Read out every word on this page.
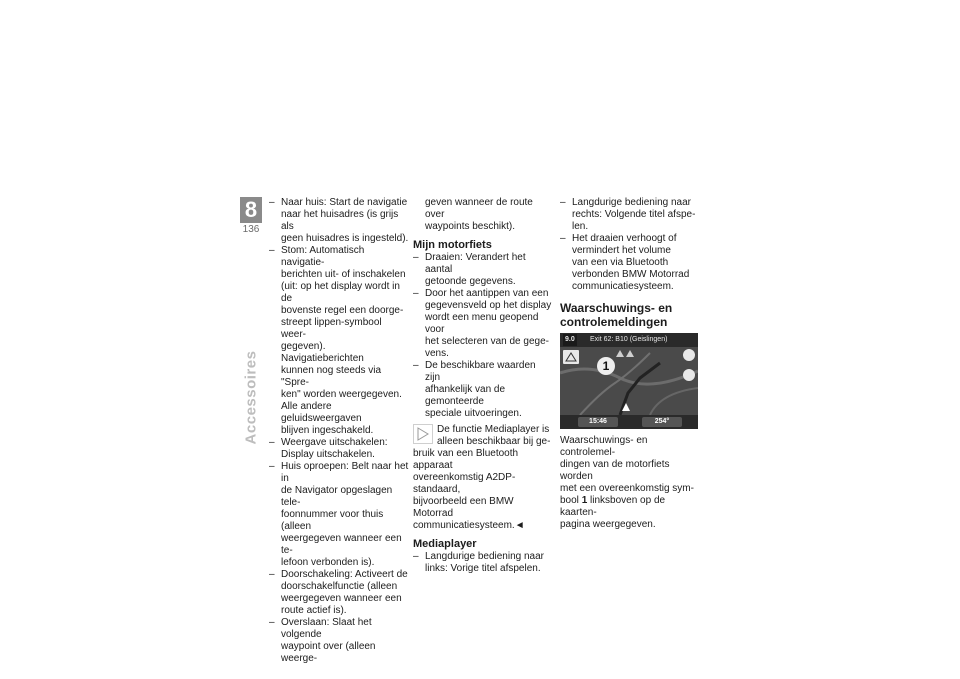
8
136
Accessoires
– Naar huis: Start de navigatie
naar het huisadres (is grijs als
geen huisadres is ingesteld).
– Stom: Automatisch navigatie-
berichten uit- of inschakelen
(uit: op het display wordt in de
bovenste regel een doorge-
streept lippen-symbool weer-
gegeven). Navigatieberichten
kunnen nog steeds via "Spre-
ken" worden weergegeven.
Alle andere geluidsweergaven
blijven ingeschakeld.
– Weergave uitschakelen:
Display uitschakelen.
– Huis oproepen: Belt naar het in
de Navigator opgeslagen tele-
foonnummer voor thuis (alleen
weergegeven wanneer een te-
lefoon verbonden is).
– Doorschakeling: Activeert de
doorschakelfunctie (alleen
weergegeven wanneer een
route actief is).
– Overslaan: Slaat het volgende
waypoint over (alleen weerge-
geven wanneer de route over
waypoints beschikt).
Mijn motorfiets
– Draaien: Verandert het aantal
getoonde gegevens.
– Door het aantippen van een
gegevensveld op het display
wordt een menu geopend voor
het selecteren van de gege-
vens.
– De beschikbare waarden zijn
afhankelijk van de gemonteerde
speciale uitvoeringen.
De functie Mediaplayer is
alleen beschikbaar bij ge-
bruik van een Bluetooth apparaat
overeenkomstig A2DP-standaard,
bijvoorbeeld een BMW Motorrad
communicatiesysteem.◄
Mediaplayer
– Langdurige bediening naar
links: Vorige titel afspelen.
– Langdurige bediening naar
rechts: Volgende titel afspe-
len.
– Het draaien verhoogt of
vermindert het volume
van een via Bluetooth
verbonden BMW Motorrad
communicatiesysteem.
Waarschuwings- en
controlemeldingen
9.0 Exit 62: B10 (Geislingen)
1
15:46	254°
Waarschuwings- en controlemel-
dingen van de motorfiets worden
met een overeenkomstig sym-
bool 1 linksboven op de kaarten-
pagina weergegeven.
